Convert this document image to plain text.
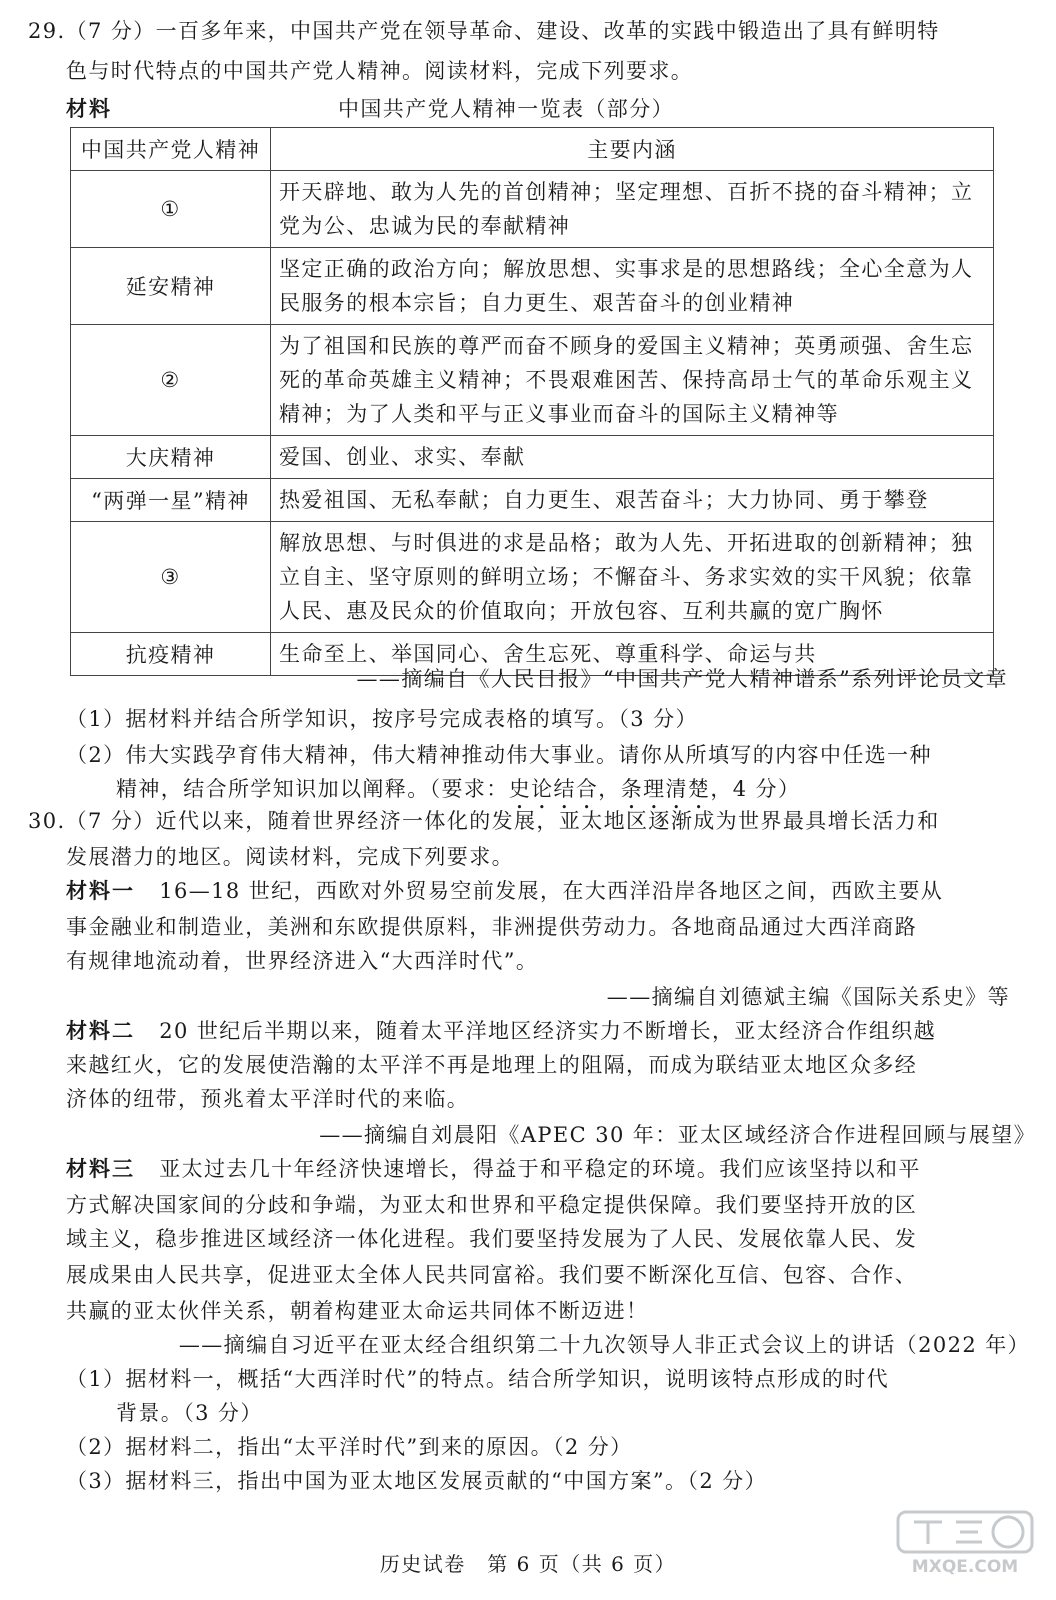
29.（7 分）一百多年来，中国共产党在领导革命、建设、改革的实践中锻造出了具有鲜明特
色与时代特点的中国共产党人精神。阅读材料，完成下列要求。
材料	中国共产党人精神一览表（部分）
中国共产党人精神	主要内涵
①	开天辟地、敢为人先的首创精神；坚定理想、百折不挠的奋斗精神；立党为公、忠诚为民的奉献精神
延安精神	坚定正确的政治方向；解放思想、实事求是的思想路线；全心全意为人民服务的根本宗旨；自力更生、艰苦奋斗的创业精神
②	为了祖国和民族的尊严而奋不顾身的爱国主义精神；英勇顽强、舍生忘死的革命英雄主义精神；不畏艰难困苦、保持高昂士气的革命乐观主义精神；为了人类和平与正义事业而奋斗的国际主义精神等
大庆精神	爱国、创业、求实、奉献
“两弹一星”精神	热爱祖国、无私奉献；自力更生、艰苦奋斗；大力协同、勇于攀登
③	解放思想、与时俱进的求是品格；敢为人先、开拓进取的创新精神；独立自主、坚守原则的鲜明立场；不懈奋斗、务求实效的实干风貌；依靠人民、惠及民众的价值取向；开放包容、互利共赢的宽广胸怀
抗疫精神	生命至上、举国同心、舍生忘死、尊重科学、命运与共
——摘编自《人民日报》“中国共产党人精神谱系”系列评论员文章
（1）据材料并结合所学知识，按序号完成表格的填写。（3 分）
（2）伟大实践孕育伟大精神，伟大精神推动伟大事业。请你从所填写的内容中任选一种
精神，结合所学知识加以阐释。（要求：史论结合，条理清楚，4 分）
30.（7 分）近代以来，随着世界经济一体化的发展，亚太地区逐渐成为世界最具增长活力和
发展潜力的地区。阅读材料，完成下列要求。
材料一 16—18 世纪，西欧对外贸易空前发展，在大西洋沿岸各地区之间，西欧主要从
事金融业和制造业，美洲和东欧提供原料，非洲提供劳动力。各地商品通过大西洋商路
有规律地流动着，世界经济进入“大西洋时代”。
——摘编自刘德斌主编《国际关系史》等
材料二 20 世纪后半期以来，随着太平洋地区经济实力不断增长，亚太经济合作组织越
来越红火，它的发展使浩瀚的太平洋不再是地理上的阻隔，而成为联结亚太地区众多经
济体的纽带，预兆着太平洋时代的来临。
——摘编自刘晨阳《APEC 30 年：亚太区域经济合作进程回顾与展望》
材料三 亚太过去几十年经济快速增长，得益于和平稳定的环境。我们应该坚持以和平
方式解决国家间的分歧和争端，为亚太和世界和平稳定提供保障。我们要坚持开放的区
域主义，稳步推进区域经济一体化进程。我们要坚持发展为了人民、发展依靠人民、发
展成果由人民共享，促进亚太全体人民共同富裕。我们要不断深化互信、包容、合作、
共赢的亚太伙伴关系，朝着构建亚太命运共同体不断迈进！
——摘编自习近平在亚太经合组织第二十九次领导人非正式会议上的讲话（2022 年）
（1）据材料一，概括“大西洋时代”的特点。结合所学知识，说明该特点形成的时代
背景。（3 分）
（2）据材料二，指出“太平洋时代”到来的原因。（2 分）
（3）据材料三，指出中国为亚太地区发展贡献的“中国方案”。（2 分）
历史试卷　第 6 页（共 6 页）	MXQE.COM
